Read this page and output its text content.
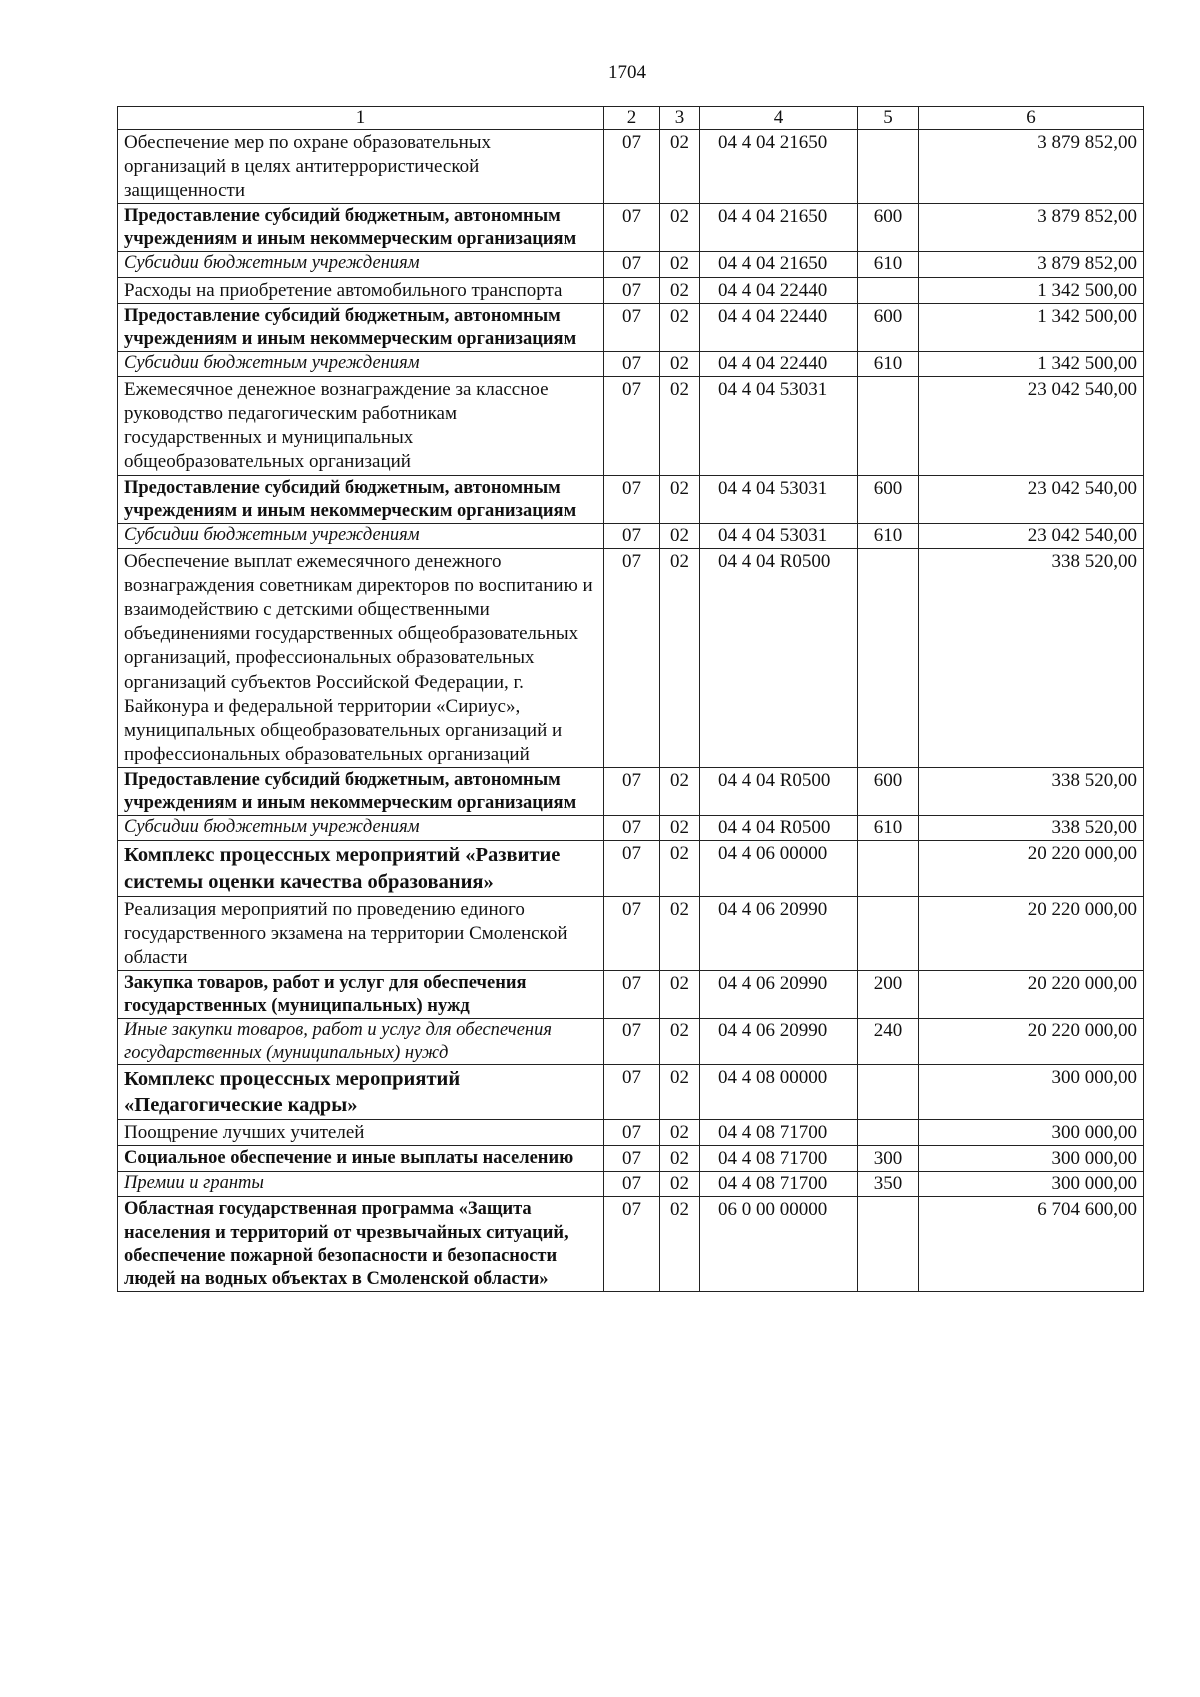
1704
1	2	3	4	5	6
Обеспечение мер по охране образовательных организаций в целях антитеррористической защищенности	07	02	04 4 04 21650		3 879 852,00
Предоставление субсидий бюджетным, автономным учреждениям и иным некоммерческим организациям	07	02	04 4 04 21650	600	3 879 852,00
Субсидии бюджетным учреждениям	07	02	04 4 04 21650	610	3 879 852,00
Расходы на приобретение автомобильного транспорта	07	02	04 4 04 22440		1 342 500,00
Предоставление субсидий бюджетным, автономным учреждениям и иным некоммерческим организациям	07	02	04 4 04 22440	600	1 342 500,00
Субсидии бюджетным учреждениям	07	02	04 4 04 22440	610	1 342 500,00
Ежемесячное денежное вознаграждение за классное руководство педагогическим работникам государственных и муниципальных общеобразовательных организаций	07	02	04 4 04 53031		23 042 540,00
Предоставление субсидий бюджетным, автономным учреждениям и иным некоммерческим организациям	07	02	04 4 04 53031	600	23 042 540,00
Субсидии бюджетным учреждениям	07	02	04 4 04 53031	610	23 042 540,00
Обеспечение выплат ежемесячного денежного вознаграждения советникам директоров по воспитанию и взаимодействию с детскими общественными объединениями государственных общеобразовательных организаций, профессиональных образовательных организаций субъектов Российской Федерации, г. Байконура и федеральной территории «Сириус», муниципальных общеобразовательных организаций и профессиональных образовательных организаций	07	02	04 4 04 R0500		338 520,00
Предоставление субсидий бюджетным, автономным учреждениям и иным некоммерческим организациям	07	02	04 4 04 R0500	600	338 520,00
Субсидии бюджетным учреждениям	07	02	04 4 04 R0500	610	338 520,00
Комплекс процессных мероприятий «Развитие системы оценки качества образования»	07	02	04 4 06 00000		20 220 000,00
Реализация мероприятий по проведению единого государственного экзамена на территории Смоленской области	07	02	04 4 06 20990		20 220 000,00
Закупка товаров, работ и услуг для обеспечения государственных (муниципальных) нужд	07	02	04 4 06 20990	200	20 220 000,00
Иные закупки товаров, работ и услуг для обеспечения государственных (муниципальных) нужд	07	02	04 4 06 20990	240	20 220 000,00
Комплекс процессных мероприятий «Педагогические кадры»	07	02	04 4 08 00000		300 000,00
Поощрение лучших учителей	07	02	04 4 08 71700		300 000,00
Социальное обеспечение и иные выплаты населению	07	02	04 4 08 71700	300	300 000,00
Премии и гранты	07	02	04 4 08 71700	350	300 000,00
Областная государственная программа «Защита населения и территорий от чрезвычайных ситуаций, обеспечение пожарной безопасности и безопасности людей на водных объектах в Смоленской области»	07	02	06 0 00 00000		6 704 600,00
